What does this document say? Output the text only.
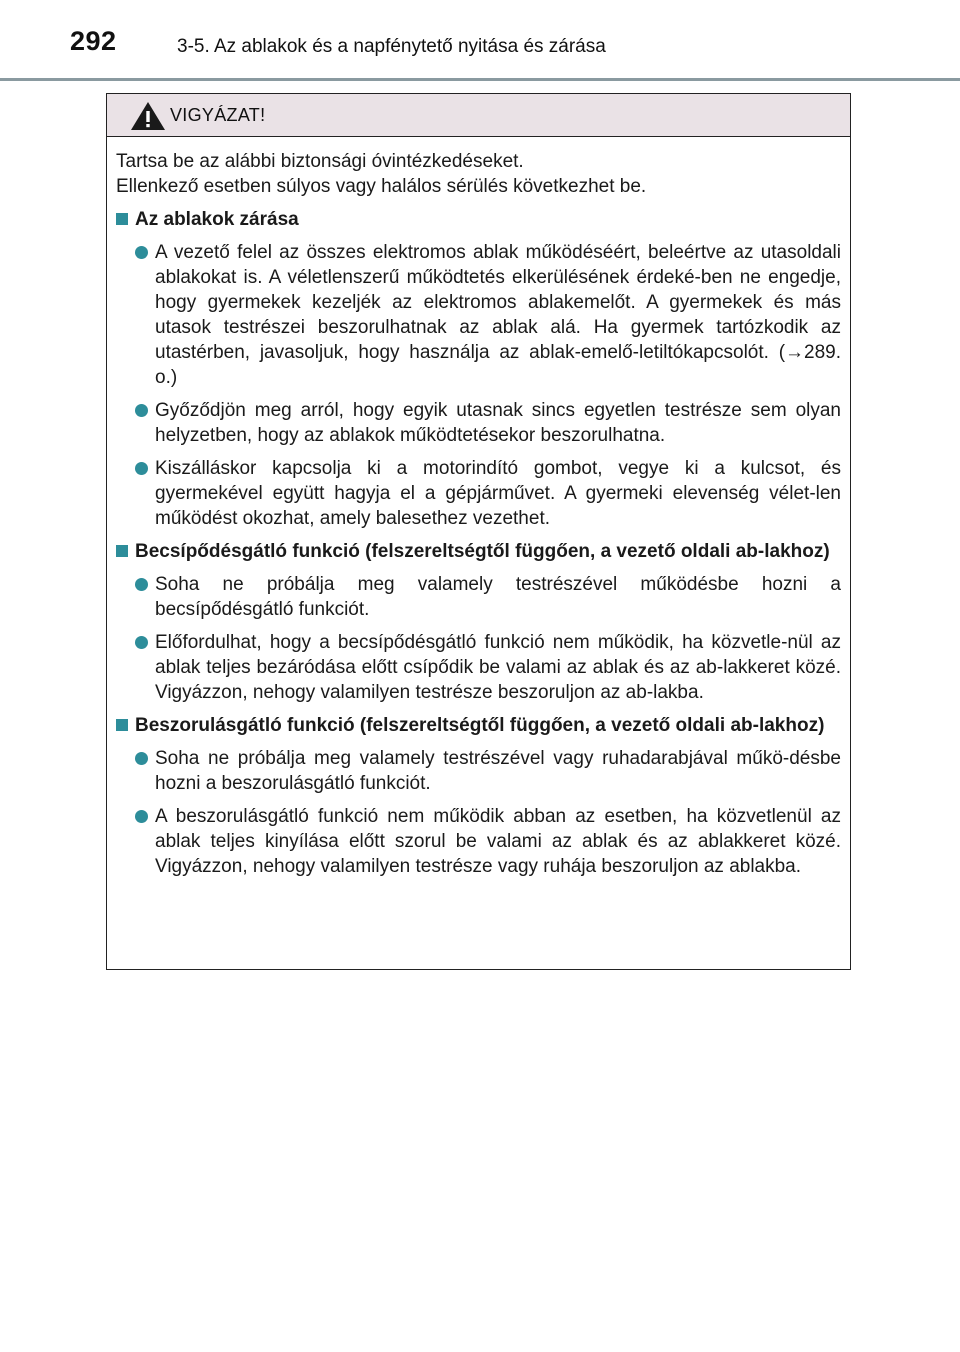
292	3-5. Az ablakok és a napfénytető nyitása és zárása
VIGYÁZAT!

Tartsa be az alábbi biztonsági óvintézkedéseket.

Ellenkező esetben súlyos vagy halálos sérülés következhet be.

Az ablakok zárása
A vezető felel az összes elektromos ablak működéséért, beleértve az utasoldali ablakokat is. A véletlenszerű működtetés elkerülésének érdeké-ben ne engedje, hogy gyermekek kezeljék az elektromos ablakemelőt. A gyermekek és más utasok testrészei beszorulhatnak az ablak alá. Ha gyermek tartózkodik az utastérben, javasoljuk, hogy használja az ablak-emelő-letiltókapcsolót. (→289. o.)
Győződjön meg arról, hogy egyik utasnak sincs egyetlen testrésze sem olyan helyzetben, hogy az ablakok működtetésekor beszorulhatna.
Kiszálláskor kapcsolja ki a motorindító gombot, vegye ki a kulcsot, és gyermekével együtt hagyja el a gépjárművet. A gyermeki elevenség vélet-len működést okozhat, amely balesethez vezethet.
Becsípődésgátló funkció (felszereltségtől függően, a vezető oldali ab-lakhoz)
Soha ne próbálja meg valamely testrészével működésbe hozni a becsípődésgátló funkciót.
Előfordulhat, hogy a becsípődésgátló funkció nem működik, ha közvetle-nül az ablak teljes bezáródása előtt csípődik be valami az ablak és az ab-lakkeret közé. Vigyázzon, nehogy valamilyen testrésze beszoruljon az ab-lakba.
Beszorulásgátló funkció (felszereltségtől függően, a vezető oldali ab-lakhoz)
Soha ne próbálja meg valamely testrészével vagy ruhadarabjával műkö-désbe hozni a beszorulásgátló funkciót.
A beszorulásgátló funkció nem működik abban az esetben, ha közvetlenül az ablak teljes kinyílása előtt szorul be valami az ablak és az ablakkeret közé. Vigyázzon, nehogy valamilyen testrésze vagy ruhája beszoruljon az ablakba.
